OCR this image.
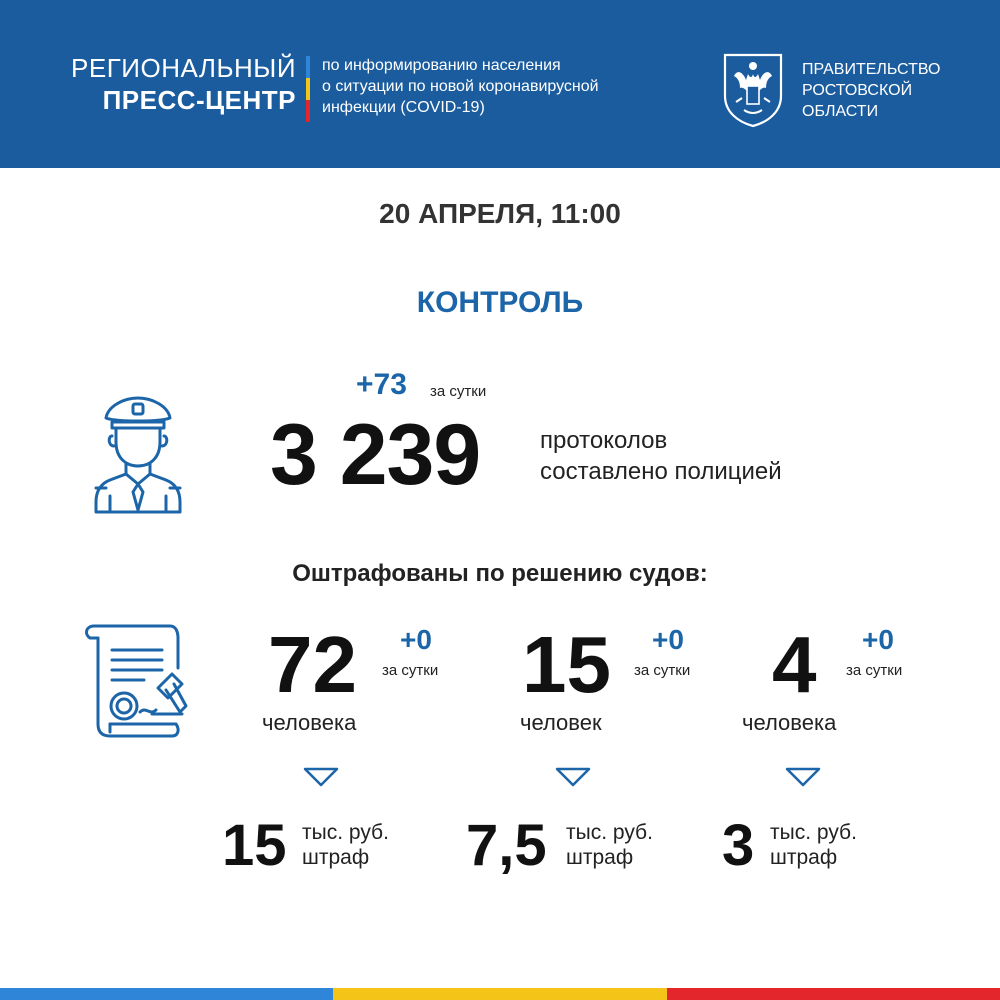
РЕГИОНАЛЬНЫЙ
ПРЕСС-ЦЕНТР
по информированию населения
о ситуации по новой коронавирусной
инфекции (COVID-19)
ПРАВИТЕЛЬСТВО
РОСТОВСКОЙ
ОБЛАСТИ
20 АПРЕЛЯ, 11:00
КОНТРОЛЬ
+73 за сутки
3 239 протоколов
составлено полицией
Оштрафованы по решению судов:
72 +0
за сутки
человека
15 тыс. руб.
штраф
15 +0
за сутки
человек
7,5 тыс. руб.
штраф
4 +0
за сутки
человека
3 тыс. руб.
штраф
